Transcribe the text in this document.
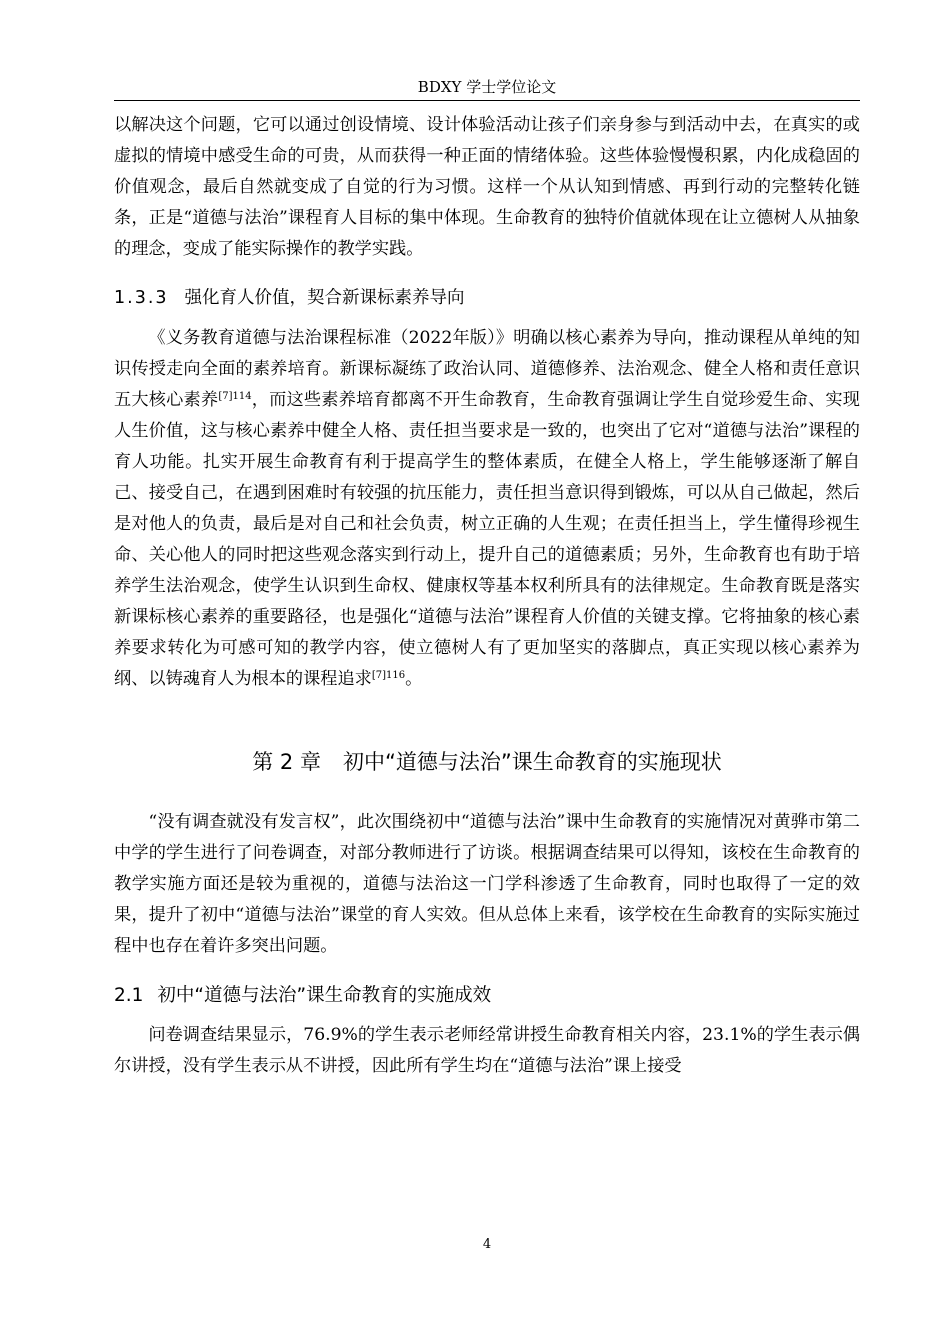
BDXY 学士学位论文

以解决这个问题，它可以通过创设情境、设计体验活动让孩子们亲身参与到活动中去，在真实的或虚拟的情境中感受生命的可贵，从而获得一种正面的情绪体验。这些体验慢慢积累，内化成稳固的价值观念，最后自然就变成了自觉的行为习惯。这样一个从认知到情感、再到行动的完整转化链条，正是“道德与法治”课程育人目标的集中体现。生命教育的独特价值就体现在让立德树人从抽象的理念，变成了能实际操作的教学实践。

1.3.3 强化育人价值，契合新课标素养导向

《义务教育道德与法治课程标准（2022年版）》明确以核心素养为导向，推动课程从单纯的知识传授走向全面的素养培育。新课标凝练了政治认同、道德修养、法治观念、健全人格和责任意识五大核心素养$^{[7]114}$，而这些素养培育都离不开生命教育，生命教育强调让学生自觉珍爱生命、实现人生价值，这与核心素养中健全人格、责任担当要求是一致的，也突出了它对“道德与法治”课程的育人功能。扎实开展生命教育有利于提高学生的整体素质，在健全人格上，学生能够逐渐了解自己、接受自己，在遇到困难时有较强的抗压能力，责任担当意识得到锻炼，可以从自己做起，然后是对他人的负责，最后是对自己和社会负责，树立正确的人生观；在责任担当上，学生懂得珍视生命、关心他人的同时把这些观念落实到行动上，提升自己的道德素质；另外，生命教育也有助于培养学生法治观念，使学生认识到生命权、健康权等基本权利所具有的法律规定。生命教育既是落实新课标核心素养的重要路径，也是强化“道德与法治”课程育人价值的关键支撑。它将抽象的核心素养要求转化为可感可知的教学内容，使立德树人有了更加坚实的落脚点，真正实现以核心素养为纲、以铸魂育人为根本的课程追求$^{[7]116}$。

第 2 章 初中“道德与法治”课生命教育的实施现状

“没有调查就没有发言权”，此次围绕初中“道德与法治”课中生命教育的实施情况对黄骅市第二中学的学生进行了问卷调查，对部分教师进行了访谈。根据调查结果可以得知，该校在生命教育的教学实施方面还是较为重视的，道德与法治这一门学科渗透了生命教育，同时也取得了一定的效果，提升了初中“道德与法治”课堂的育人实效。但从总体上来看，该学校在生命教育的实际实施过程中也存在着许多突出问题。

2.1 初中“道德与法治”课生命教育的实施成效

问卷调查结果显示，76.9%的学生表示老师经常讲授生命教育相关内容，23.1%的学生表示偶尔讲授，没有学生表示从不讲授，因此所有学生均在“道德与法治”课上接受

4
